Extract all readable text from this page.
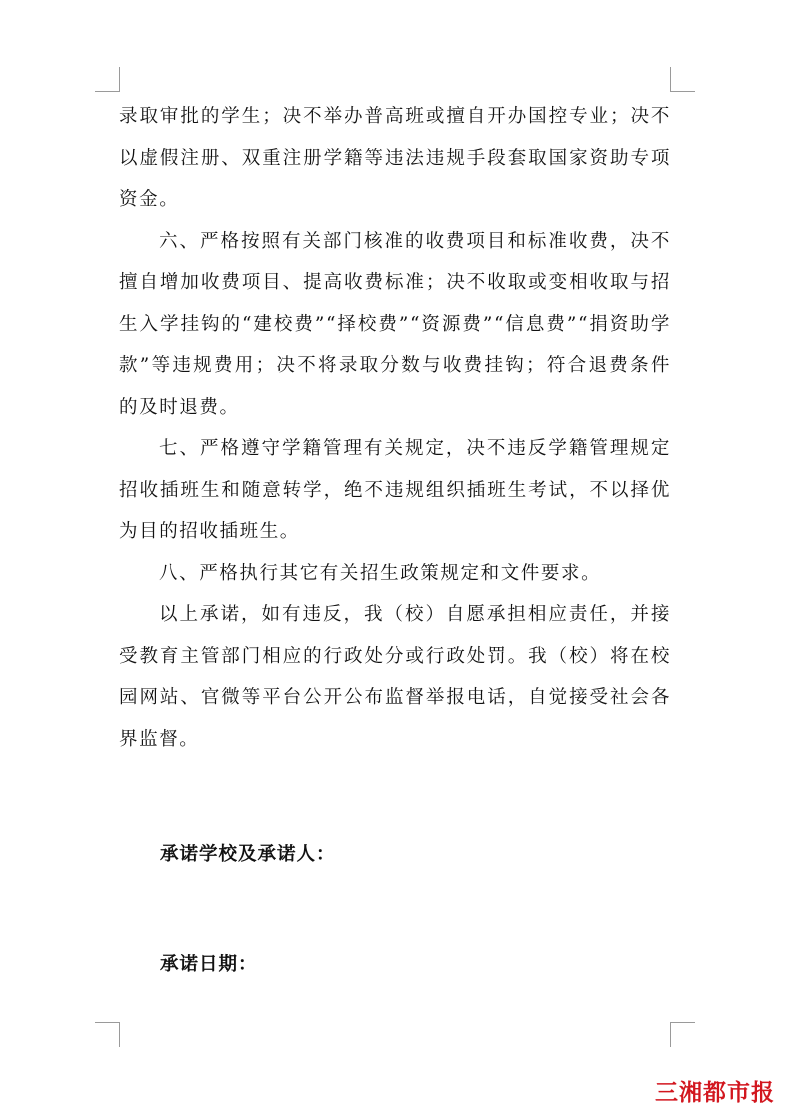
录取审批的学生；决不举办普高班或擅自开办国控专业；决不以虚假注册、双重注册学籍等违法违规手段套取国家资助专项资金。

六、严格按照有关部门核准的收费项目和标准收费，决不擅自增加收费项目、提高收费标准；决不收取或变相收取与招生入学挂钩的“建校费”“择校费”“资源费”“信息费”“捐资助学款”等违规费用；决不将录取分数与收费挂钩；符合退费条件的及时退费。

七、严格遵守学籍管理有关规定，决不违反学籍管理规定招收插班生和随意转学，绝不违规组织插班生考试，不以择优为目的招收插班生。

八、严格执行其它有关招生政策规定和文件要求。

以上承诺，如有违反，我（校）自愿承担相应责任，并接受教育主管部门相应的行政处分或行政处罚。我（校）将在校园网站、官微等平台公开公布监督举报电话，自觉接受社会各界监督。

承诺学校及承诺人：
承诺日期：
三湘都市报
